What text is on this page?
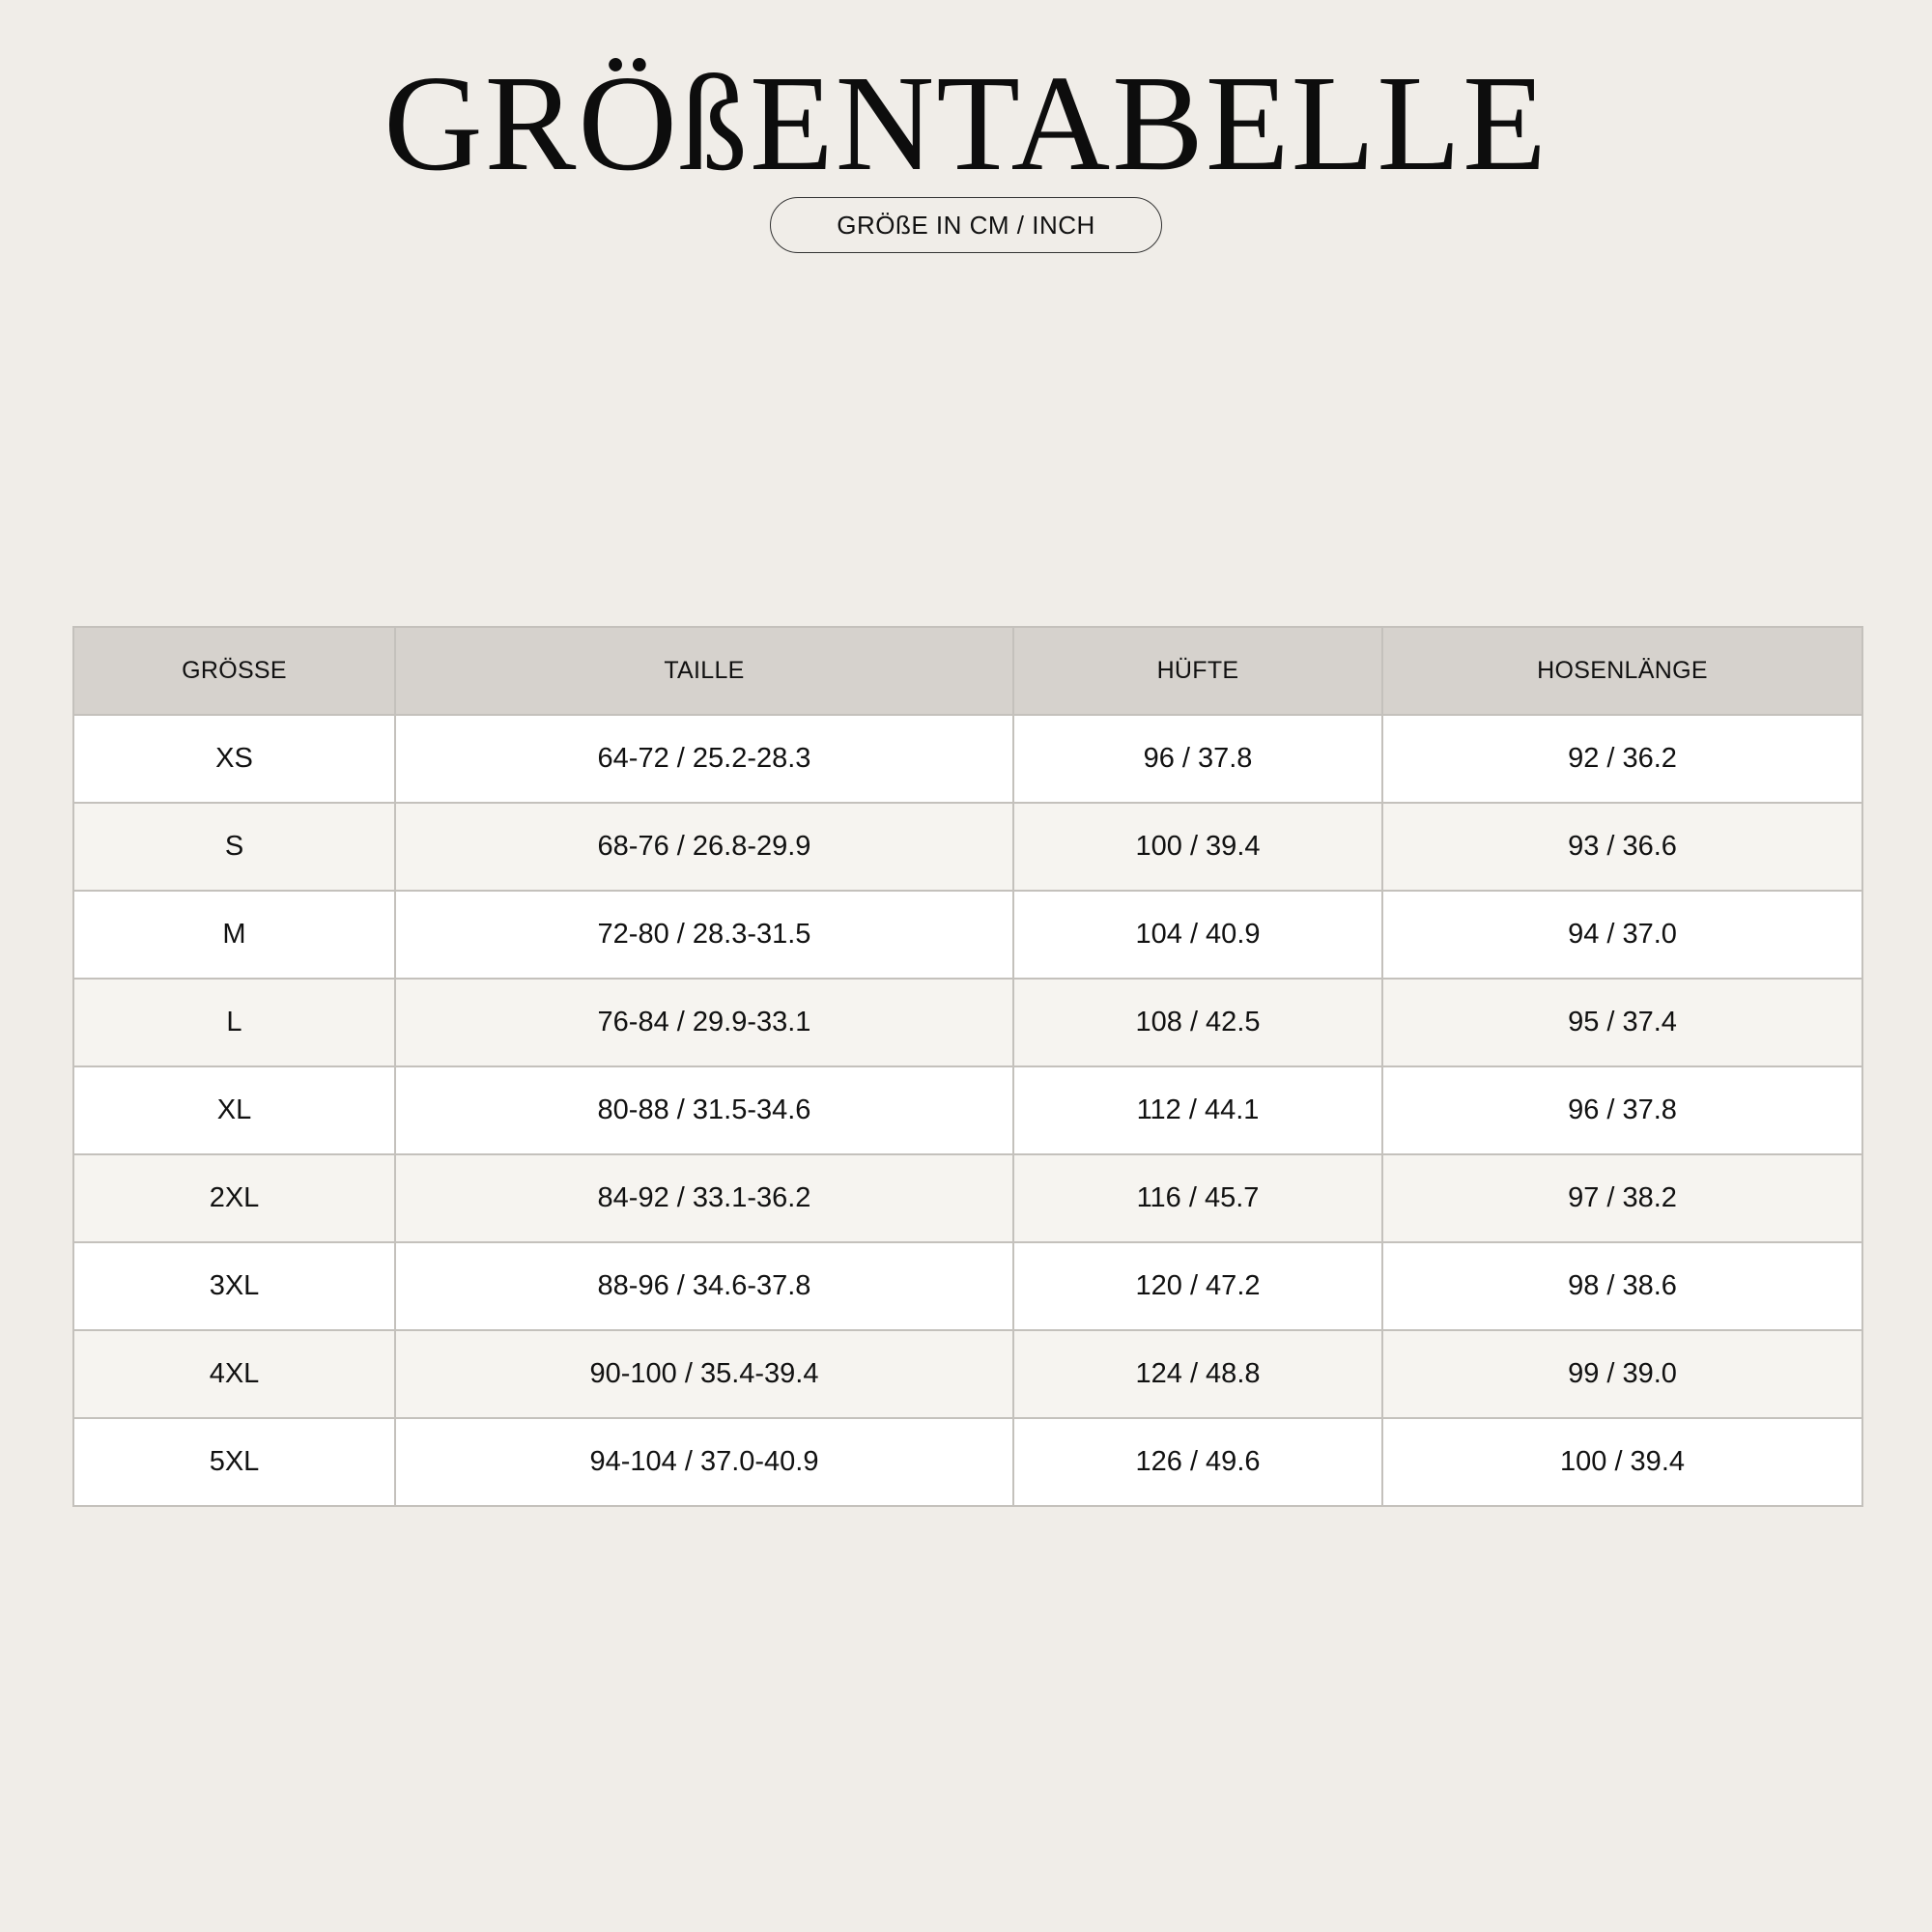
GRÖßENTABELLE
GRÖßE IN CM / INCH
GRÖSSE	TAILLE	HÜFTE	HOSENLÄNGE
XS	64-72 / 25.2-28.3	96 / 37.8	92 / 36.2
S	68-76 / 26.8-29.9	100 / 39.4	93 / 36.6
M	72-80 / 28.3-31.5	104 / 40.9	94 / 37.0
L	76-84 / 29.9-33.1	108 / 42.5	95 / 37.4
XL	80-88 / 31.5-34.6	112 / 44.1	96 / 37.8
2XL	84-92 / 33.1-36.2	116 / 45.7	97 / 38.2
3XL	88-96 / 34.6-37.8	120 / 47.2	98 / 38.6
4XL	90-100 / 35.4-39.4	124 / 48.8	99 / 39.0
5XL	94-104 / 37.0-40.9	126 / 49.6	100 / 39.4
